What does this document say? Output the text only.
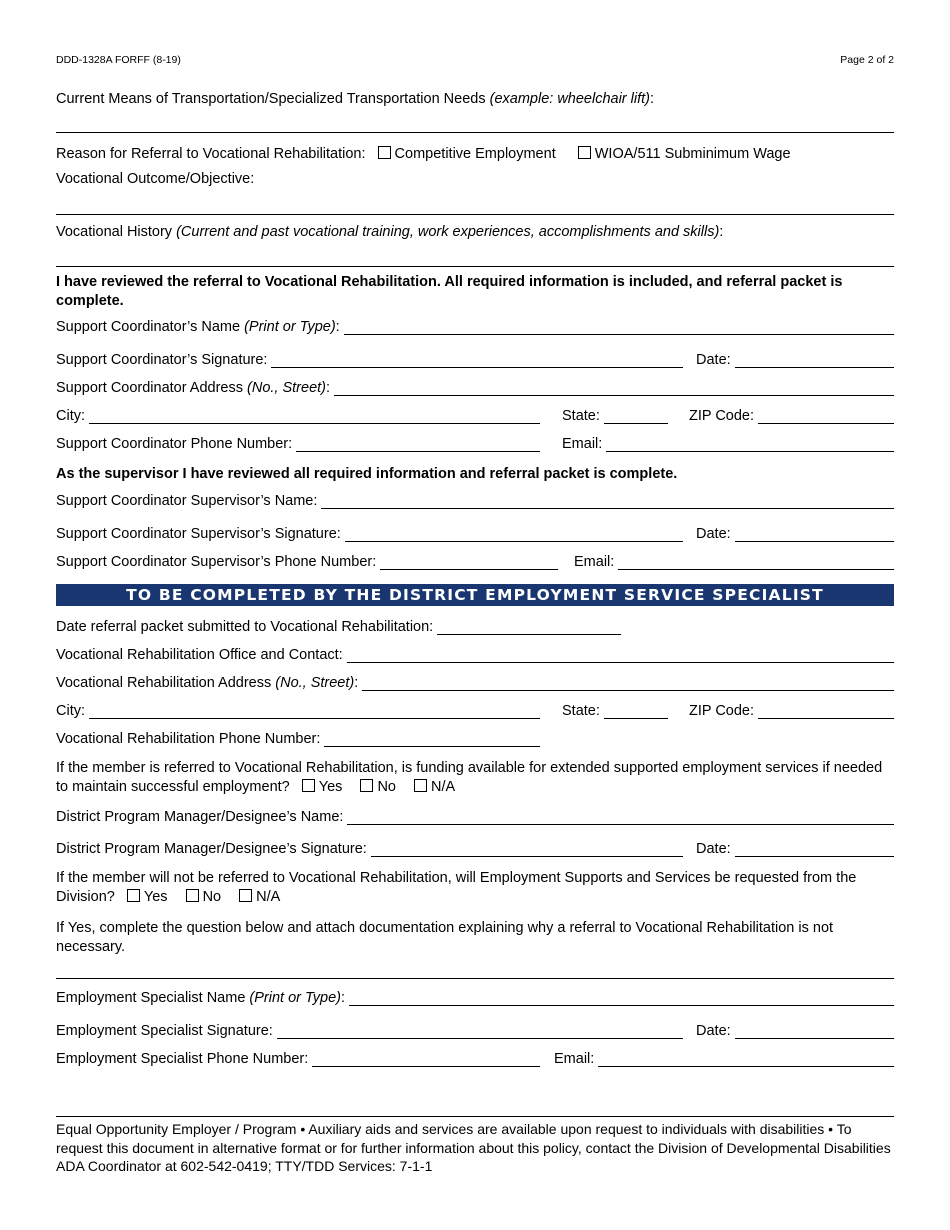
DDD-1328A FORFF (8-19)	Page 2 of 2
Current Means of Transportation/Specialized Transportation Needs (example: wheelchair lift):
Reason for Referral to Vocational Rehabilitation: Competitive Employment	WIOA/511 Subminimum Wage
Vocational Outcome/Objective:
Vocational History (Current and past vocational training, work experiences, accomplishments and skills):
I have reviewed the referral to Vocational Rehabilitation. All required information is included, and referral packet is complete.
Support Coordinator’s Name (Print or Type):
Support Coordinator’s Signature:	Date:
Support Coordinator Address (No., Street):
City:	State:	ZIP Code:
Support Coordinator Phone Number:	Email:
As the supervisor I have reviewed all required information and referral packet is complete.
Support Coordinator Supervisor’s Name:
Support Coordinator Supervisor’s Signature:	Date:
Support Coordinator Supervisor’s Phone Number:	Email:
TO BE COMPLETED BY THE DISTRICT EMPLOYMENT SERVICE SPECIALIST
Date referral packet submitted to Vocational Rehabilitation:
Vocational Rehabilitation Office and Contact:
Vocational Rehabilitation Address (No., Street):
City:	State:	ZIP Code:
Vocational Rehabilitation Phone Number:
If the member is referred to Vocational Rehabilitation, is funding available for extended supported employment services if needed to maintain successful employment? Yes No N/A
District Program Manager/Designee’s Name:
District Program Manager/Designee’s Signature:	Date:
If the member will not be referred to Vocational Rehabilitation, will Employment Supports and Services be requested from the Division? Yes No N/A
If Yes, complete the question below and attach documentation explaining why a referral to Vocational Rehabilitation is not necessary.
Employment Specialist Name (Print or Type):
Employment Specialist Signature:	Date:
Employment Specialist Phone Number:	Email:
Equal Opportunity Employer / Program • Auxiliary aids and services are available upon request to individuals with disabilities • To request this document in alternative format or for further information about this policy, contact the Division of Developmental Disabilities ADA Coordinator at 602-542-0419; TTY/TDD Services: 7-1-1
